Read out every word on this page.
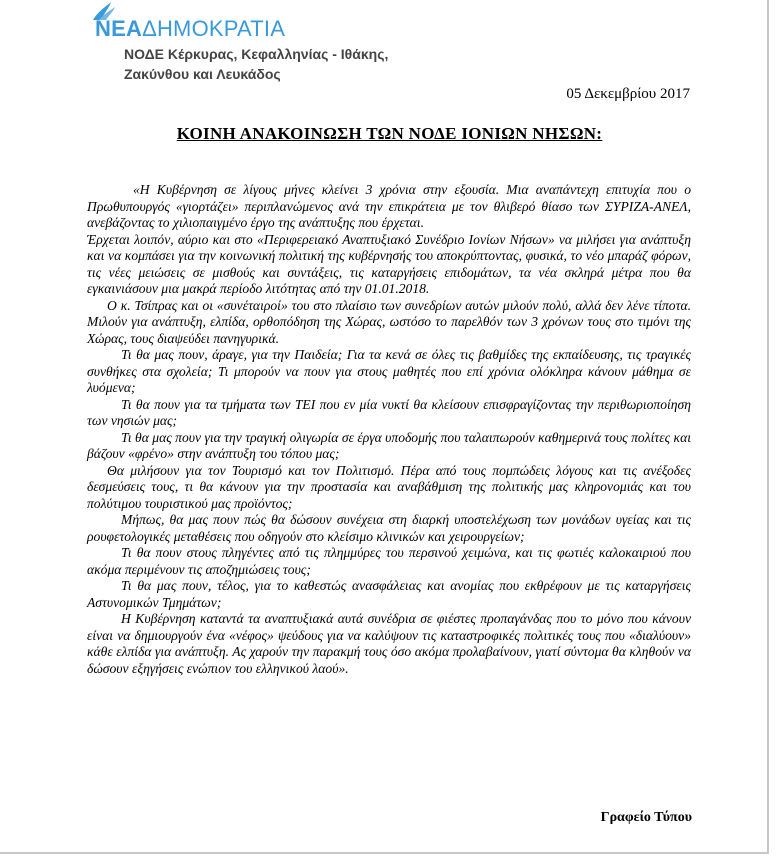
ΝΕΑΔΗΜΟΚΡΑΤΙΑ
ΝΟΔΕ Κέρκυρας, Κεφαλληνίας - Ιθάκης,

Ζακύνθου και Λευκάδος
05 Δεκεμβρίου 2017
ΚΟΙΝΗ ΑΝΑΚΟΙΝΩΣΗ ΤΩΝ ΝΟΔΕ ΙΟΝΙΩΝ ΝΗΣΩΝ:

«Η Κυβέρνηση σε λίγους μήνες κλείνει 3 χρόνια στην εξουσία. Μια αναπάντεχη επιτυχία που ο Πρωθυπουργός «γιορτάζει» περιπλανώμενος ανά την επικράτεια με τον θλιβερό θίασο των ΣΥΡΙΖΑ-ΑΝΕΛ, ανεβάζοντας το χιλιοπαιγμένο έργο της ανάπτυξης που έρχεται.

Έρχεται λοιπόν, αύριο και στο «Περιφερειακό Αναπτυξιακό Συνέδριο Ιονίων Νήσων» να μιλήσει για ανάπτυξη και να κομπάσει για την κοινωνική πολιτική της κυβέρνησής του αποκρύπτοντας, φυσικά, το νέο μπαράζ φόρων, τις νέες μειώσεις σε μισθούς και συντάξεις, τις καταργήσεις επιδομάτων, τα νέα σκληρά μέτρα που θα εγκαινιάσουν μια μακρά περίοδο λιτότητας από την 01.01.2018.

Ο κ. Τσίπρας και οι «συνέταιροί» του στο πλαίσιο των συνεδρίων αυτών μιλούν πολύ, αλλά δεν λένε τίποτα. Μιλούν για ανάπτυξη, ελπίδα, ορθοπόδηση της Χώρας, ωστόσο το παρελθόν των 3 χρόνων τους στο τιμόνι της Χώρας, τους διαψεύδει πανηγυρικά.

Τι θα μας πουν, άραγε, για την Παιδεία; Για τα κενά σε όλες τις βαθμίδες της εκπαίδευσης, τις τραγικές συνθήκες στα σχολεία; Τι μπορούν να πουν για στους μαθητές που επί χρόνια ολόκληρα κάνουν μάθημα σε λυόμενα;

Τι θα πουν για τα τμήματα των ΤΕΙ που εν μία νυκτί θα κλείσουν επισφραγίζοντας την περιθωριοποίηση των νησιών μας;

Τι θα μας πουν για την τραγική ολιγωρία σε έργα υποδομής που ταλαιπωρούν καθημερινά τους πολίτες και βάζουν «φρένο» στην ανάπτυξη του τόπου μας;

Θα μιλήσουν για τον Τουρισμό και τον Πολιτισμό. Πέρα από τους πομπώδεις λόγους και τις ανέξοδες δεσμεύσεις τους, τι θα κάνουν για την προστασία και αναβάθμιση της πολιτικής μας κληρονομιάς και του πολύτιμου τουριστικού μας προϊόντος;

Μήπως, θα μας πουν πώς θα δώσουν συνέχεια στη διαρκή υποστελέχωση των μονάδων υγείας και τις ρουφετολογικές μεταθέσεις που οδηγούν στο κλείσιμο κλινικών και χειρουργείων;

Τι θα πουν στους πληγέντες από τις πλημμύρες του περσινού χειμώνα, και τις φωτιές καλοκαιριού που ακόμα περιμένουν τις αποζημιώσεις τους;

Τι θα μας πουν, τέλος, για το καθεστώς ανασφάλειας και ανομίας που εκθρέφουν με τις καταργήσεις Αστυνομικών Τμημάτων;

Η Κυβέρνηση καταντά τα αναπτυξιακά αυτά συνέδρια σε φιέστες προπαγάνδας που το μόνο που κάνουν είναι να δημιουργούν ένα «νέφος» ψεύδους για να καλύψουν τις καταστροφικές πολιτικές τους που «διαλύουν» κάθε ελπίδα για ανάπτυξη. Ας χαρούν την παρακμή τους όσο ακόμα προλαβαίνουν, γιατί σύντομα θα κληθούν να δώσουν εξηγήσεις ενώπιον του ελληνικού λαού».

Γραφείο Τύπου
